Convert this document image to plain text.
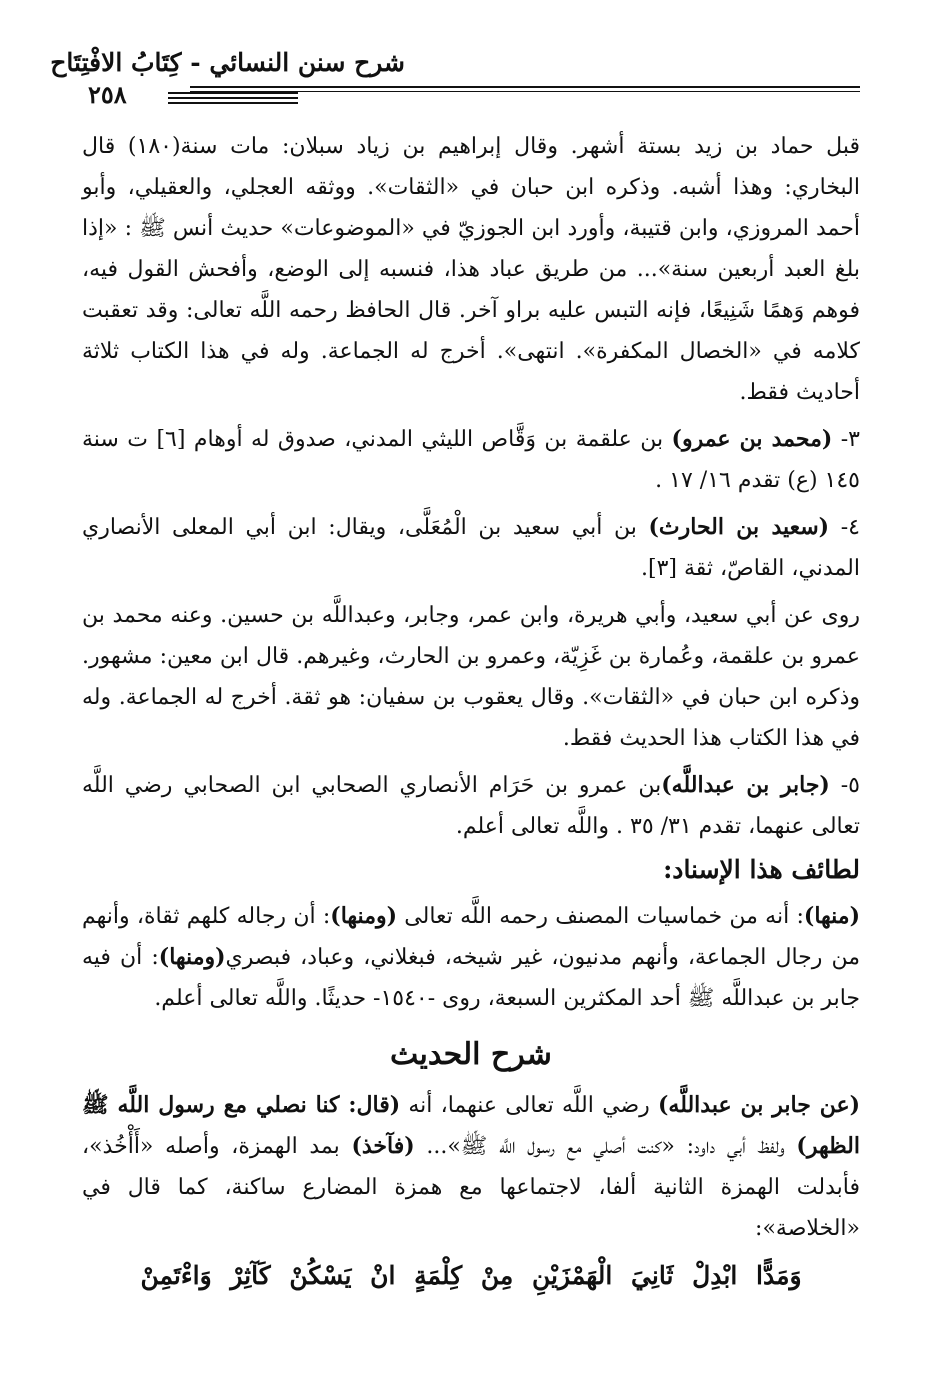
شرح سنن النسائي - كِتَابُ الافْتِتَاح
٢٥٨

قبل حماد بن زيد بستة أشهر. وقال إبراهيم بن زياد سبلان: مات سنة(١٨٠) قال البخاري: وهذا أشبه. وذكره ابن حبان في «الثقات». ووثقه العجلي، والعقيلي، وأبو أحمد المروزي، وابن قتيبة، وأورد ابن الجوزيّ في «الموضوعات» حديث أنس ﷺ : «إذا بلغ العبد أربعين سنة»... من طريق عباد هذا، فنسبه إلى الوضع، وأفحش القول فيه، فوهم وَهمًا شَنِيعًا، فإنه التبس عليه براو آخر. قال الحافظ رحمه اللَّه تعالى: وقد تعقبت كلامه في «الخصال المكفرة». انتهى». أخرج له الجماعة. وله في هذا الكتاب ثلاثة أحاديث فقط.

٣- (محمد بن عمرو) بن علقمة بن وَقَّاص الليثي المدني، صدوق له أوهام [٦] ت سنة ١٤٥ (ع) تقدم ١٦/ ١٧ .

٤- (سعيد بن الحارث) بن أبي سعيد بن الْمُعَلَّى، ويقال: ابن أبي المعلى الأنصاري المدني، القاصّ، ثقة [٣].

روى عن أبي سعيد، وأبي هريرة، وابن عمر، وجابر، وعبداللَّه بن حسين. وعنه محمد بن عمرو بن علقمة، وعُمارة بن غَزِيّة، وعمرو بن الحارث، وغيرهم. قال ابن معين: مشهور. وذكره ابن حبان في «الثقات». وقال يعقوب بن سفيان: هو ثقة. أخرج له الجماعة. وله في هذا الكتاب هذا الحديث فقط.

٥- (جابر بن عبداللَّه)بن عمرو بن حَرَام الأنصاري الصحابي ابن الصحابي رضي اللَّه تعالى عنهما، تقدم ٣١/ ٣٥ . واللَّه تعالى أعلم.

لطائف هذا الإسناد:

(منها): أنه من خماسيات المصنف رحمه اللَّه تعالى (ومنها): أن رجاله كلهم ثقاة، وأنهم من رجال الجماعة، وأنهم مدنيون، غير شيخه، فبغلاني، وعباد، فبصري(ومنها): أن فيه جابر بن عبداللَّه ﷺ أحد المكثرين السبعة، روى -١٥٤٠- حديثًا. واللَّه تعالى أعلم.

شرح الحديث

(عن جابر بن عبداللَّه) رضي اللَّه تعالى عنهما، أنه (قال: كنا نصلي مع رسول اللَّه ﷺ الظهر) ولفظ أبي داود: «كنت أصلي مع رسول اللَّه ﷺ»... (فآخذ) بمد الهمزة، وأصله «أَأْخُذ»، فأبدلت الهمزة الثانية ألفا، لاجتماعها مع همزة المضارع ساكنة، كما قال في «الخلاصة»:

وَمَدًّا ابْدِلْ ثَانِيَ الْهَمْزَيْنِ مِنْ كِلْمَةٍ انْ يَسْكُنْ كَآثِرْ وَاءْتَمِنْ
